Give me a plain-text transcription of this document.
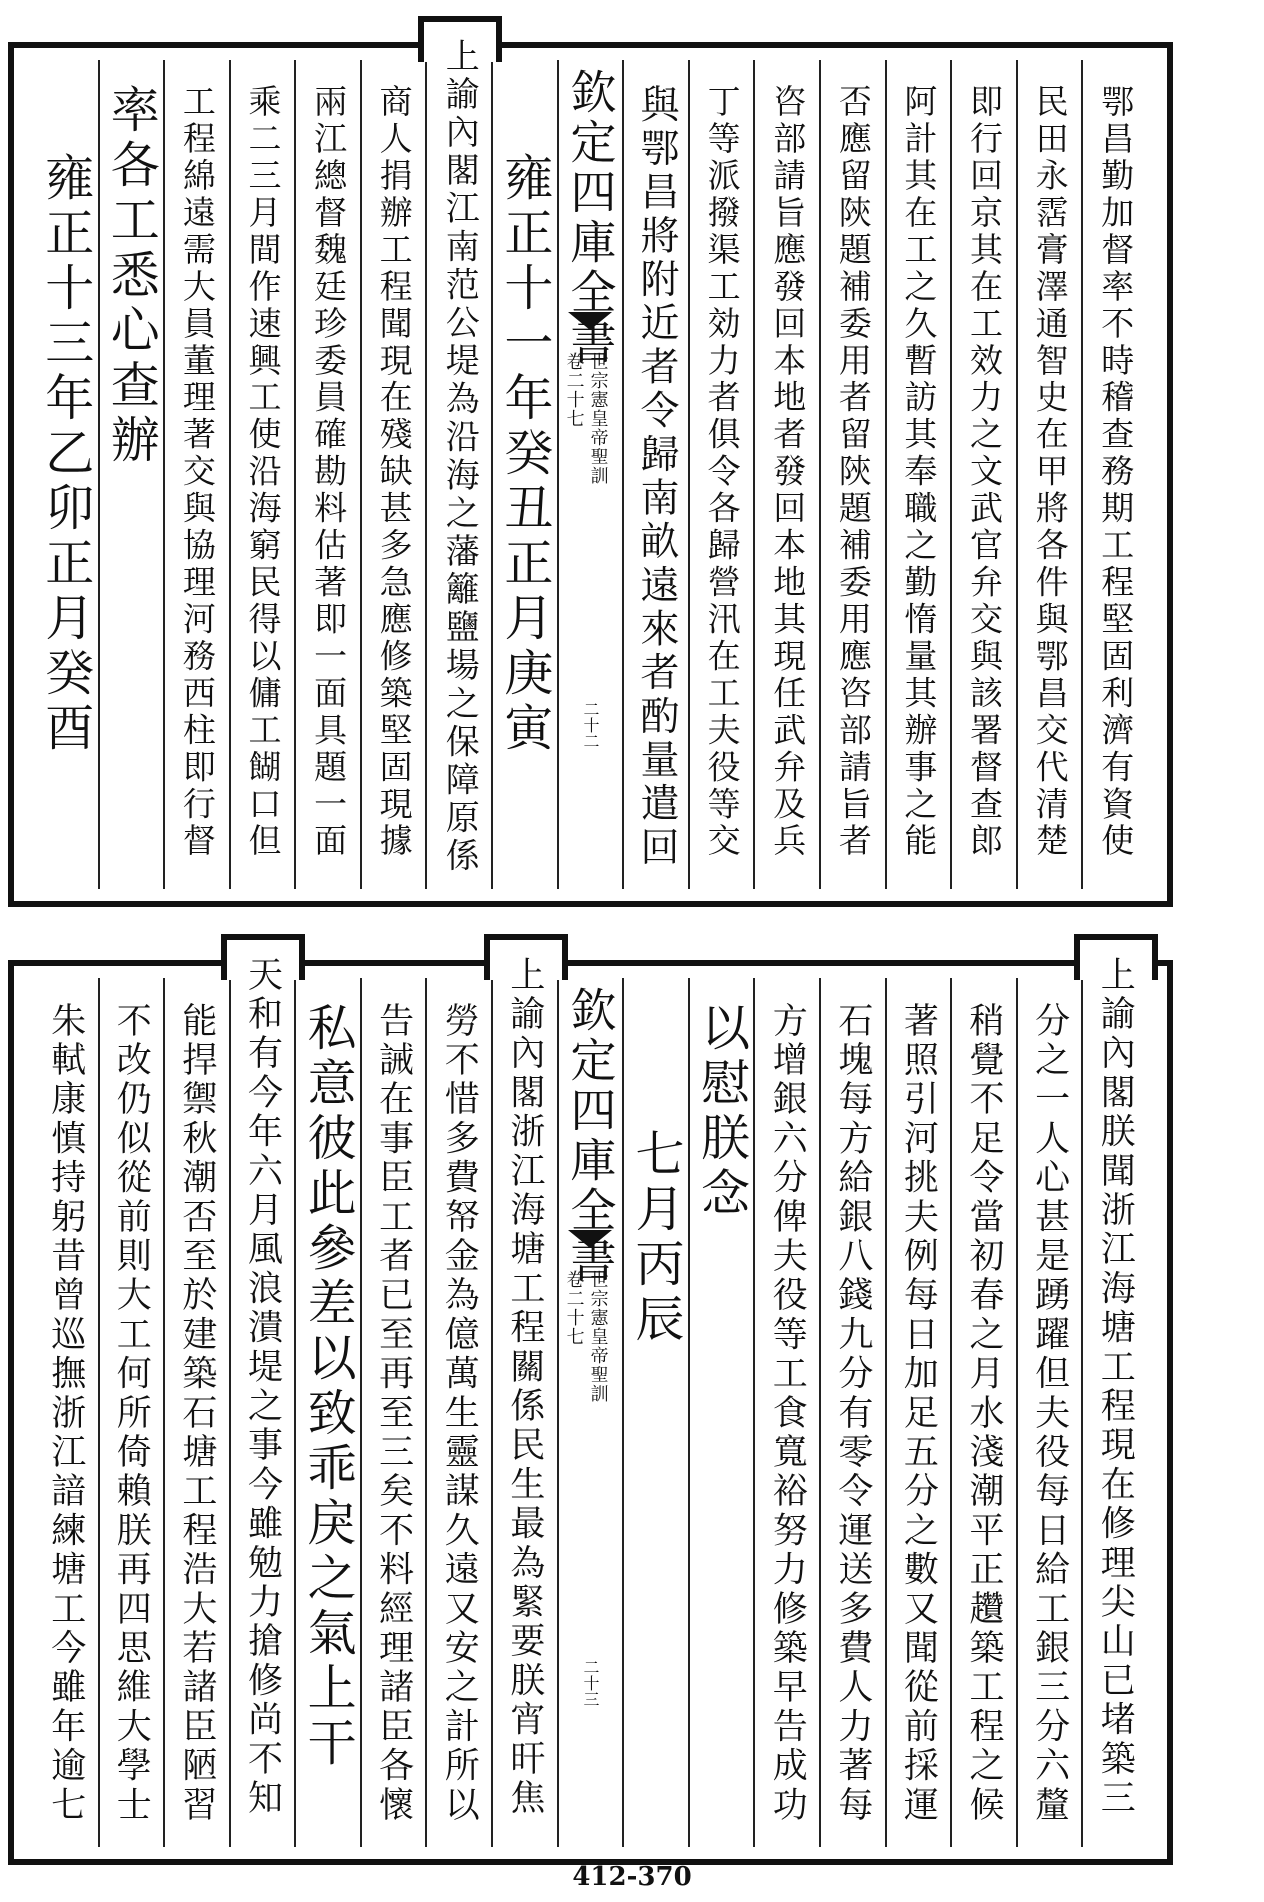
鄂昌勤加督率不時稽查務期工程堅固利濟有資使
民田永霑膏澤通智史在甲將各件與鄂昌交代清楚
即行回京其在工效力之文武官弁交與該署督查郎
阿計其在工之久暫訪其奉職之勤惰量其辦事之能
否應留陝題補委用者留陝題補委用應咨部請旨者
咨部請旨應發回本地者發回本地其現任武弁及兵
丁等派撥渠工効力者俱令各歸營汛在工夫役等交
與鄂昌將附近者令歸南畝遠來者酌量遣回
欽定四庫全書
世宗憲皇帝聖訓
卷二十七
二十二
雍正十一年癸丑正月庚寅
上諭內閣江南范公堤為沿海之藩籬鹽場之保障原係
商人捐辦工程聞現在殘缺甚多急應修築堅固現據
兩江總督魏廷珍委員確勘料估著即一面具題一面
乘二三月間作速興工使沿海窮民得以傭工餬口但
工程綿遠需大員董理著交與協理河務西柱即行督
率各工悉心查辦
雍正十三年乙卯正月癸酉
上諭內閣朕聞浙江海塘工程現在修理尖山已堵築三
分之一人心甚是踴躍但夫役每日給工銀三分六釐
稍覺不足令當初春之月水淺潮平正趲築工程之候
著照引河挑夫例每日加足五分之數又聞從前採運
石塊每方給銀八錢九分有零令運送多費人力著每
方增銀六分俾夫役等工食寬裕努力修築早告成功
以慰朕念
七月丙辰
欽定四庫全書
世宗憲皇帝聖訓
卷二十七
二十三
上諭內閣浙江海塘工程關係民生最為緊要朕宵旰焦
勞不惜多費帑金為億萬生靈謀久遠又安之計所以
告誡在事臣工者已至再至三矣不料經理諸臣各懷
私意彼此參差以致乖戾之氣上干
天和有今年六月風浪潰堤之事今雖勉力搶修尚不知
能捍禦秋潮否至於建築石塘工程浩大若諸臣陋習
不改仍似從前則大工何所倚賴朕再四思維大學士
朱軾康慎持躬昔曾巡撫浙江諳練塘工今雖年逾七
412-370
